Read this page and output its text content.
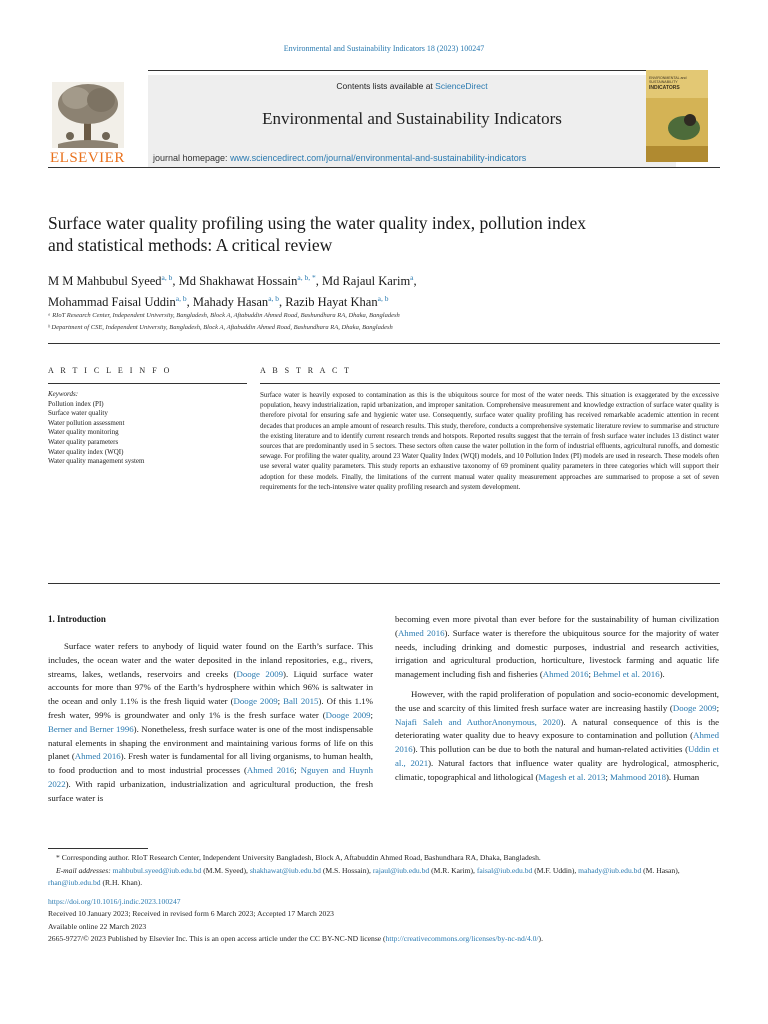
Environmental and Sustainability Indicators 18 (2023) 100247
ELSEVIER
Contents lists available at ScienceDirect
Environmental and Sustainability Indicators
journal homepage: www.sciencedirect.com/journal/environmental-and-sustainability-indicators
ENVIRONMENTAL and SUSTAINABILITY
INDICATORS
Surface water quality profiling using the water quality index, pollution index and statistical methods: A critical review
M M Mahbubul Syeed$^{a, b}$, Md Shakhawat Hossain$^{a, b, *}$, Md Rajaul Karim$^a$,
Mohammad Faisal Uddin$^{a, b}$, Mahady Hasan$^{a, b}$, Razib Hayat Khan$^{a, b}$
ᵃ RIoT Research Center, Independent University, Bangladesh, Block A, Aftabuddin Ahmed Road, Bashundhara RA, Dhaka, Bangladesh
ᵇ Department of CSE, Independent University, Bangladesh, Block A, Aftabuddin Ahmed Road, Bashundhara RA, Dhaka, Bangladesh
A R T I C L E I N F O	A B S T R A C T
Keywords:
Pollution index (PI)
Surface water quality
Water pollution assessment
Water quality monitoring
Water quality parameters
Water quality index (WQI)
Water quality management system
Surface water is heavily exposed to contamination as this is the ubiquitous source for most of the water needs. This situation is exaggerated by the excessive population, heavy industrialization, rapid urbanization, and improper sanitation. Comprehensive measurement and knowledge extraction of surface water quality is therefore pivotal for ensuring safe and hygienic water use. Consequently, surface water quality profiling has received remarkable academic attention in recent decades that produces an ample amount of research results. This study, therefore, conducts a comprehensive systematic literature review to summarise and structure the existing literature and to identify current research trends and hotspots. Reported results suggest that the terrain of fresh surface water includes 13 distinct water sources that are predominantly used in 5 sectors. These sectors often cause the water pollution in the form of industrial effluents, agricultural runoffs, and domestic sewage. For profiling the water quality, around 23 Water Quality Index (WQI) models, and 10 Pollution Index (PI) models are used in research. These models often use several water quality parameters. This study reports an exhaustive taxonomy of 69 prominent quality parameters in three categories which will support their adoption for these models. Finally, the limitations of the current manual water quality measurement approaches are summarised to propose a set of seven requirements for the tech-intensive water quality profiling research and system development.
1. Introduction

Surface water refers to anybody of liquid water found on the Earth’s surface. This includes, the ocean water and the water deposited in the inland repositories, e.g., rivers, streams, lakes, wetlands, reservoirs and creeks (Dooge 2009). Liquid surface water accounts for more than 97% of the Earth’s hydrosphere within which 96% is saltwater in the ocean and only 1.1% is the fresh liquid water (Dooge 2009; Ball 2015). Of this 1.1% fresh water, 99% is groundwater and only 1% is the fresh surface water (Dooge 2009; Berner and Berner 1996). Nonetheless, fresh surface water is one of the most indispensable natural elements in shaping the environment and maintaining various forms of life on this planet (Ahmed 2016). Fresh water is fundamental for all living organisms, to human health, to food production and to most industrial processes (Ahmed 2016; Nguyen and Huynh 2022). With rapid urbanization, industrialization and agricultural production, the fresh surface water is

becoming even more pivotal than ever before for the sustainability of human civilization (Ahmed 2016). Surface water is therefore the ubiquitous source for the majority of water needs, including drinking and domestic purposes, industrial and research activities, irrigation and agricultural production, horticulture, livestock farming and aquatic life management including fish and fisheries (Ahmed 2016; Behmel et al. 2016).

However, with the rapid proliferation of population and socio-economic development, the use and scarcity of this limited fresh surface water are increasing hastily (Dooge 2009; Najafi Saleh and AuthorAnonymous, 2020). A natural consequence of this is the deteriorating water quality due to heavy exposure to contamination and pollution (Ahmed 2016). This pollution can be due to both the natural and human-related activities (Uddin et al., 2021). Natural factors that influence water quality are hydrological, atmospheric, climatic, topographical and lithological (Magesh et al. 2013; Mahmood 2018). Human

* Corresponding author. RIoT Research Center, Independent University Bangladesh, Block A, Aftabuddin Ahmed Road, Bashundhara RA, Dhaka, Bangladesh.
E-mail addresses: mahbubul.syeed@iub.edu.bd (M.M. Syeed), shakhawat@iub.edu.bd (M.S. Hossain), rajaul@iub.edu.bd (M.R. Karim), faisal@iub.edu.bd (M.F. Uddin), mahady@iub.edu.bd (M. Hasan), rhan@iub.edu.bd (R.H. Khan).
https://doi.org/10.1016/j.indic.2023.100247
Received 10 January 2023; Received in revised form 6 March 2023; Accepted 17 March 2023
Available online 22 March 2023
2665-9727/© 2023 Published by Elsevier Inc. This is an open access article under the CC BY-NC-ND license (http://creativecommons.org/licenses/by-nc-nd/4.0/).
